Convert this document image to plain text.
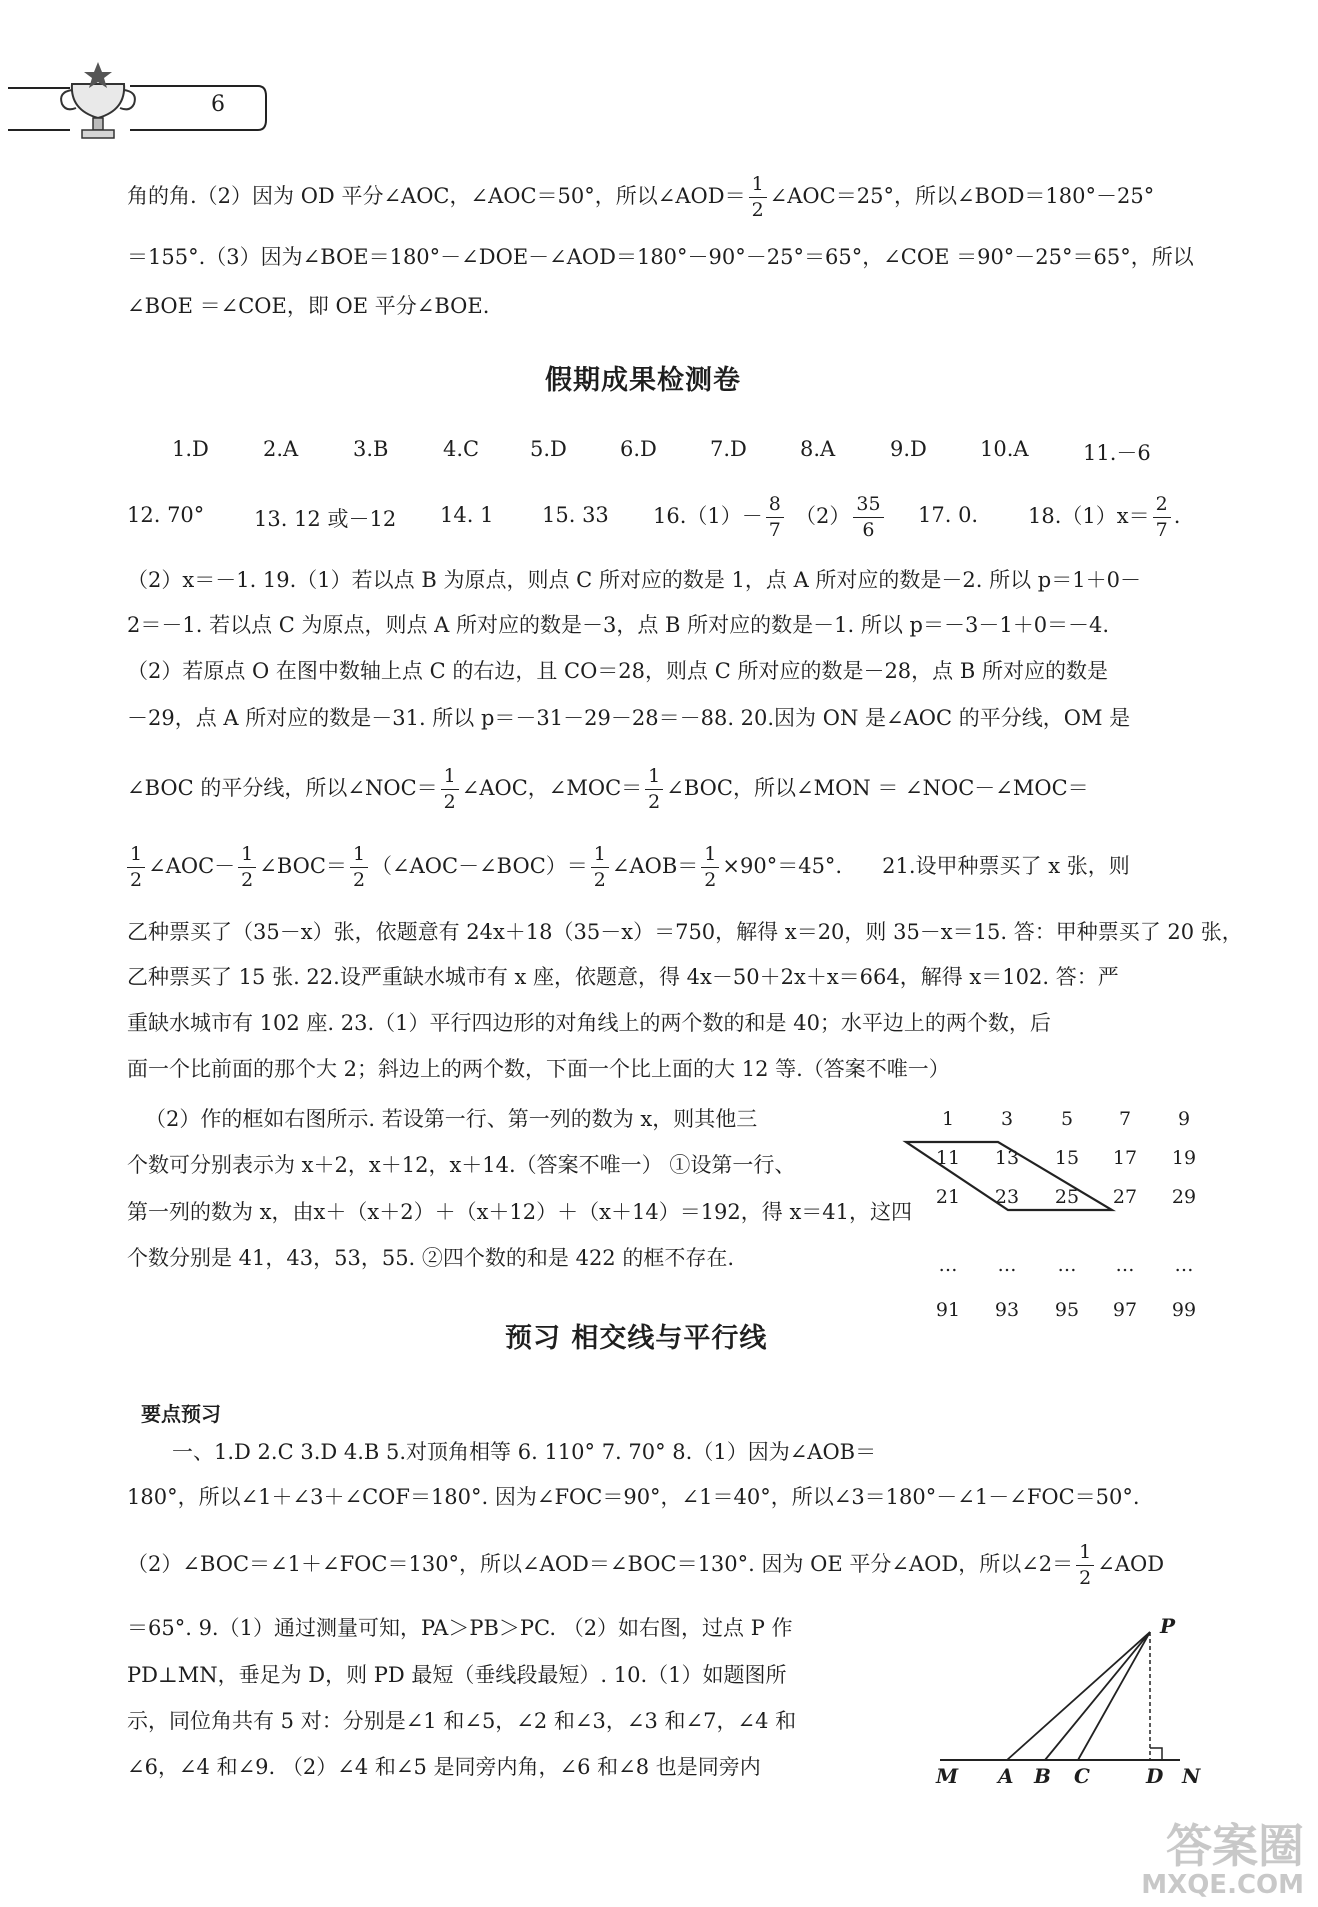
6
角的角.（2）因为 OD 平分∠AOC，∠AOC＝50°，所以∠AOD＝ $\frac{1}{2}$ ∠AOC＝25°，所以∠BOD＝180°－25°
＝155°.（3）因为∠BOE＝180°－∠DOE－∠AOD＝180°－90°－25°＝65°，∠COE ＝90°－25°＝65°，所以
∠BOE ＝∠COE，即 OE 平分∠BOE.
假期成果检测卷
1.D	2.A	3.B	4.C 5.D	6.D	7.D	8.A	9.D	10.A	11.－6
12. 70° 13. 12 或－12 14. 1 15. 33 $16.(1)- \frac{8}{7} (2) \frac{35}{6} 17$. 0. $18.(1)x= \frac{2}{7}$ .
（2）x＝－1. 19.（1）若以点 B 为原点，则点 C 所对应的数是 1，点 A 所对应的数是－2. 所以 p＝1＋0－
2＝－1. 若以点 C 为原点，则点 A 所对应的数是－3，点 B 所对应的数是－1. 所以 p＝－3－1＋0＝－4.
（2）若原点 O 在图中数轴上点 C 的右边，且 CO＝28，则点 C 所对应的数是－28，点 B 所对应的数是
－29，点 A 所对应的数是－31. 所以 p＝－31－29－28＝－88. 20.因为 ON 是∠AOC 的平分线，OM 是
∠BOC 的平分线，所以∠NOC＝ $\frac{1}{2}$ ∠AOC，∠MOC＝ $\frac{1}{2}$ ∠BOC，所以∠MON ＝ ∠NOC－∠MOC＝
$\frac{1}{2}$ ∠AOC－ $\frac{1}{2}$ ∠BOC＝ $\frac{1}{2}$ （∠AOC－∠BOC）＝ $\frac{1}{2}$ ∠AOB＝ $\frac{1}{2} \times 90^\circ=45^\circ$.      21.设甲种票买了 x 张，则
乙种票买了（35－x）张，依题意有 24x＋18（35－x）＝750，解得 x＝20，则 35－x＝15. 答：甲种票买了 20 张，
乙种票买了 15 张. 22.设严重缺水城市有 x 座，依题意，得 4x－50＋2x＋x＝664，解得 x＝102. 答：严
重缺水城市有 102 座. 23.（1）平行四边形的对角线上的两个数的和是 40；水平边上的两个数，后
面一个比前面的那个大 2；斜边上的两个数，下面一个比上面的大 12 等.（答案不唯一）
（2）作的框如右图所示. 若设第一行、第一列的数为 x，则其他三
个数可分别表示为 x＋2，x＋12，x＋14.（答案不唯一） ①设第一行、
第一列的数为 x，由x＋（x＋2）＋（x＋12）＋（x＋14）＝192，得 x＝41，这四
个数分别是 41，43，53，55. ②四个数的和是 422 的框不存在.
1	3	5	7	9
11	13	15	17	19
21	23	25	27	29
…	…	…	…	…
91	93	95	97	99
预习 相交线与平行线
要点预习
一、1.D 2.C 3.D 4.B 5.对顶角相等 6. 110° 7. 70° 8.（1）因为∠AOB＝
180°，所以∠1＋∠3＋∠COF＝180°. 因为∠FOC＝90°，∠1＝40°，所以∠3＝180°－∠1－∠FOC＝50°.
（2）∠BOC＝∠1＋∠FOC＝130°，所以∠AOD＝∠BOC＝130°. 因为 OE 平分∠AOD，所以∠2＝ $\frac{1}{2}$ ∠AOD
＝65°. 9.（1）通过测量可知，PA＞PB＞PC. （2）如右图，过点 P 作
PD⊥MN，垂足为 D，则 PD 最短（垂线段最短）. 10.（1）如题图所
示，同位角共有 5 对：分别是∠1 和∠5，∠2 和∠3，∠3 和∠7，∠4 和
∠6，∠4 和∠9. （2）∠4 和∠5 是同旁内角，∠6 和∠8 也是同旁内
P
M A B C	D N
答案圈
MXQE.COM
